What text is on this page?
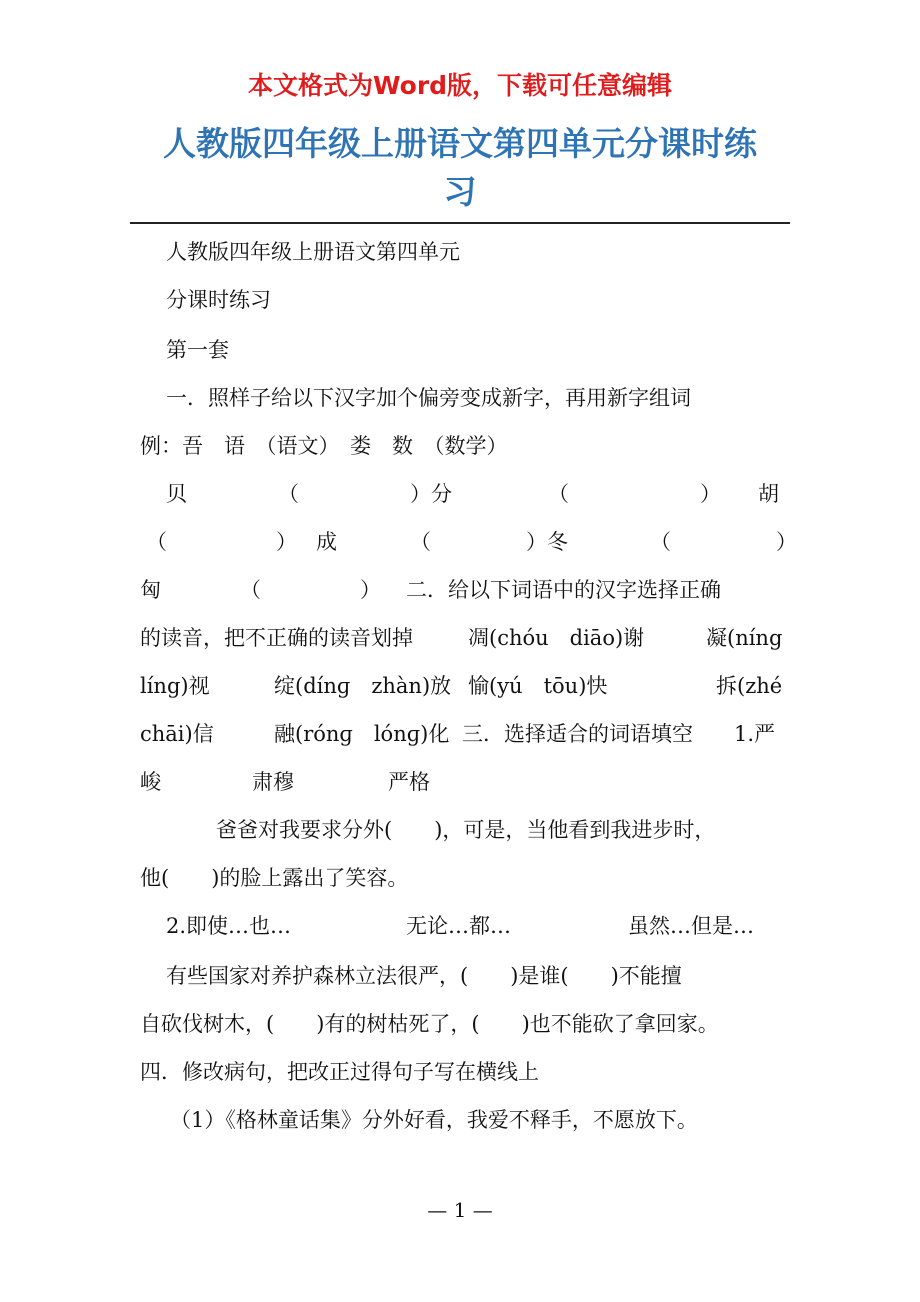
本文格式为Word版，下载可任意编辑
人教版四年级上册语文第四单元分课时练
习
人教版四年级上册语文第四单元
分课时练习
第一套
一．照样子给以下汉字加个偏旁变成新字，再用新字组词
例：吾　语　（语文）　娄　数　（数学）
贝	（	）分	（	） 胡
（	） 成	（	）冬	（	）
匈	（	） 二．给以下词语中的汉字选择正确
的读音，把不正确的读音划掉	凋(chóu　diāo)谢	凝(níng
líng)视	绽(dínɡ　zhàn)放 愉(yú　tōu)快	拆(zhé
chāi)信	融(rónɡ　lónɡ)化 三．选择适合的词语填空 1.严
峻	肃穆	严格
爸爸对我要求分外(　　)，可是，当他看到我进步时，
他(　　)的脸上露出了笑容。
2.即使…也…	无论…都…	虽然…但是…
有些国家对养护森林立法很严，(　　)是谁(　　)不能擅
自砍伐树木，(　　)有的树枯死了，(　　)也不能砍了拿回家。
四．修改病句，把改正过得句子写在横线上
（1）《格林童话集》分外好看，我爱不释手，不愿放下。
— 1 —
